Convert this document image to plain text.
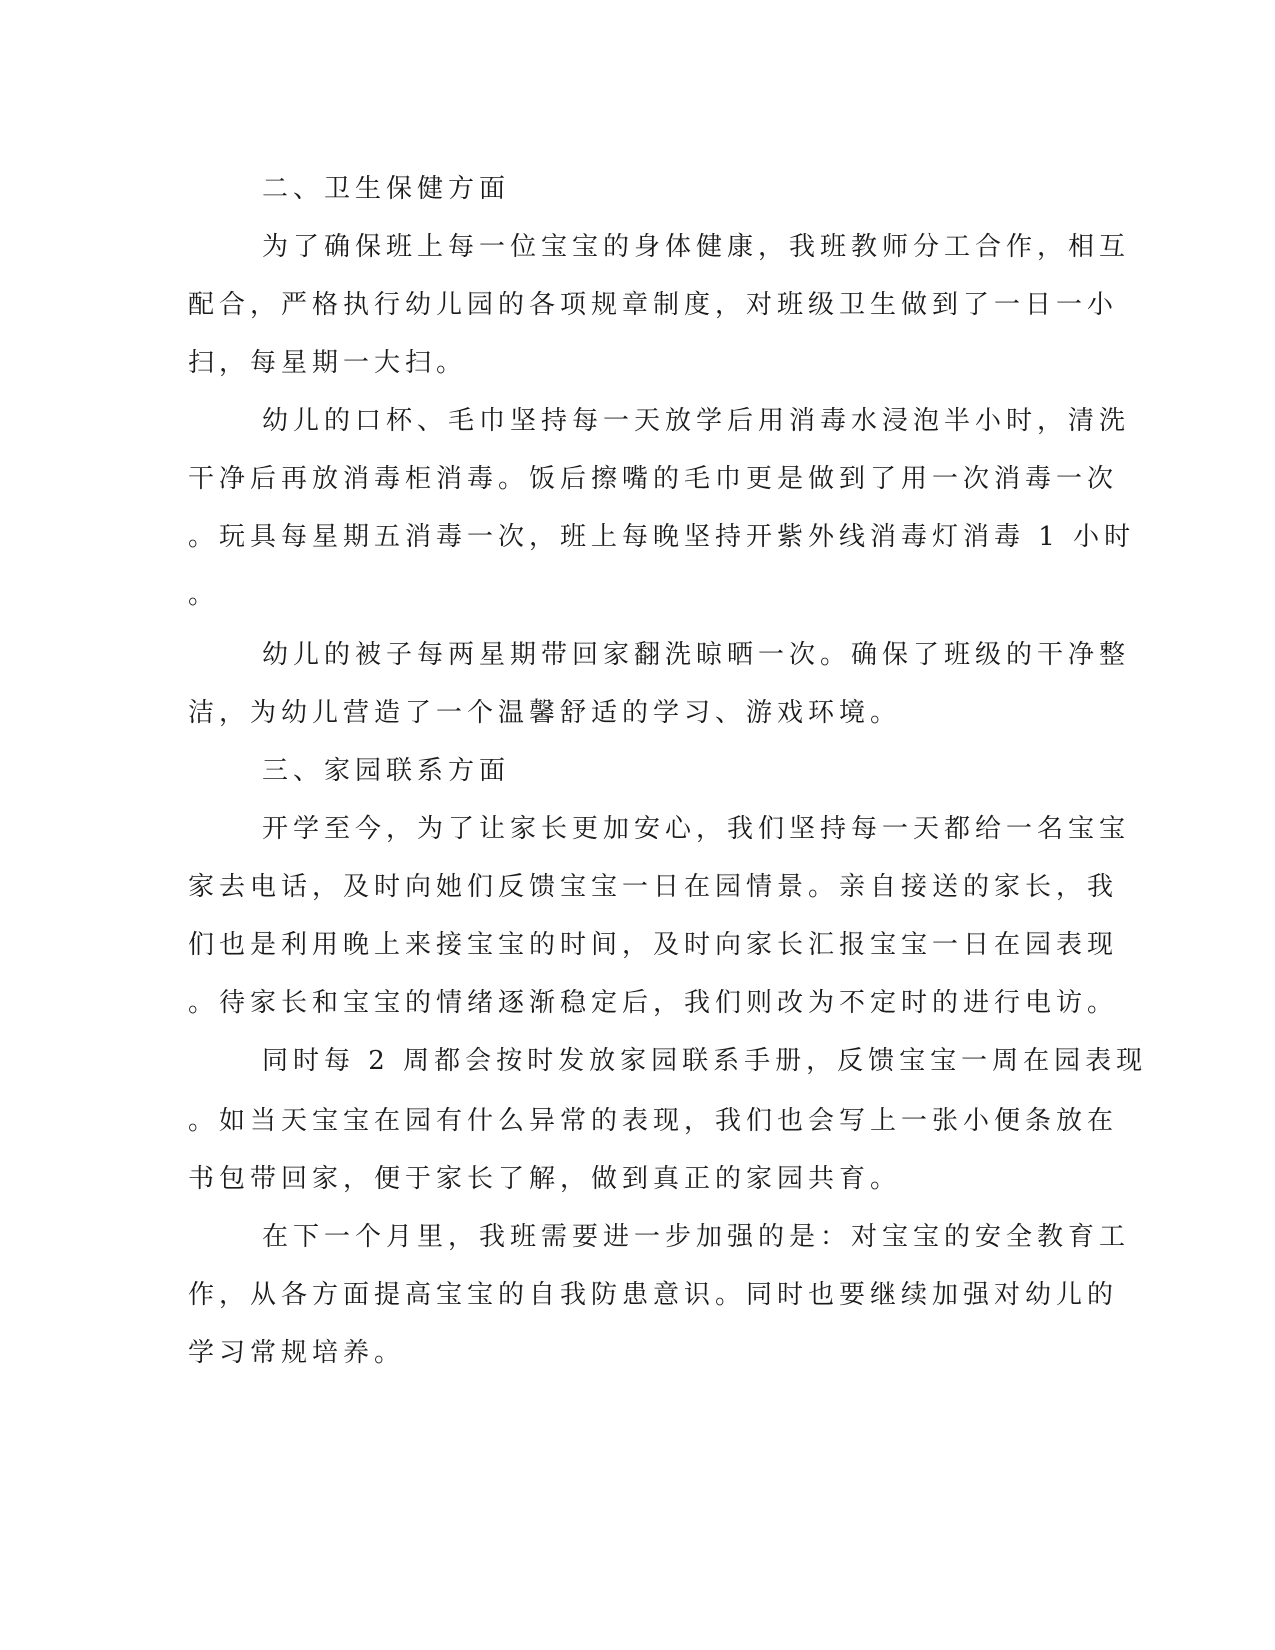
二、卫生保健方面

为了确保班上每一位宝宝的身体健康，我班教师分工合作，相互

配合，严格执行幼儿园的各项规章制度，对班级卫生做到了一日一小

扫，每星期一大扫。

幼儿的口杯、毛巾坚持每一天放学后用消毒水浸泡半小时，清洗

干净后再放消毒柜消毒。饭后擦嘴的毛巾更是做到了用一次消毒一次

。玩具每星期五消毒一次，班上每晚坚持开紫外线消毒灯消毒 1 小时

。

幼儿的被子每两星期带回家翻洗晾晒一次。确保了班级的干净整

洁，为幼儿营造了一个温馨舒适的学习、游戏环境。

三、家园联系方面

开学至今，为了让家长更加安心，我们坚持每一天都给一名宝宝

家去电话，及时向她们反馈宝宝一日在园情景。亲自接送的家长，我

们也是利用晚上来接宝宝的时间，及时向家长汇报宝宝一日在园表现

。待家长和宝宝的情绪逐渐稳定后，我们则改为不定时的进行电访。

同时每 2 周都会按时发放家园联系手册，反馈宝宝一周在园表现

。如当天宝宝在园有什么异常的表现，我们也会写上一张小便条放在

书包带回家，便于家长了解，做到真正的家园共育。

在下一个月里，我班需要进一步加强的是：对宝宝的安全教育工

作，从各方面提高宝宝的自我防患意识。同时也要继续加强对幼儿的

学习常规培养。
